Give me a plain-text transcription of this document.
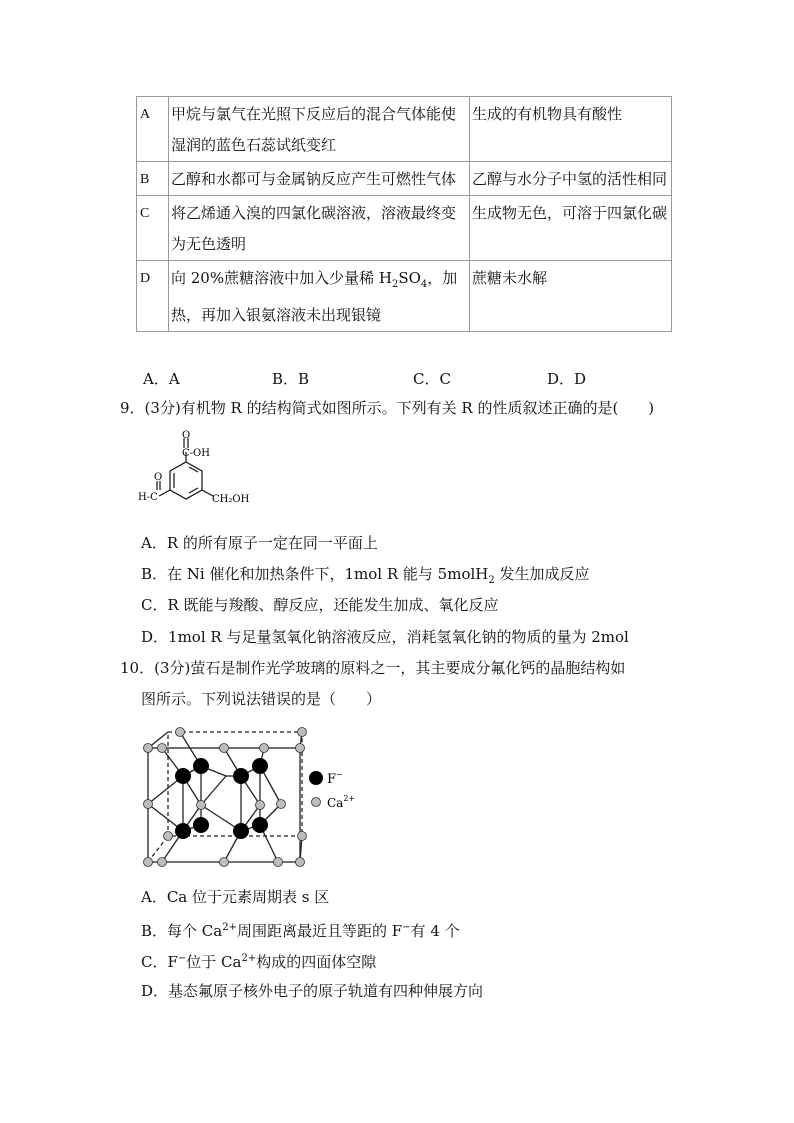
A	甲烷与氯气在光照下反应后的混合气体能使湿润的蓝色石蕊试纸变红	生成的有机物具有酸性
B	乙醇和水都可与金属钠反应产生可燃性气体	乙醇与水分子中氢的活性相同
C	将乙烯通入溴的四氯化碳溶液，溶液最终变为无色透明	生成物无色，可溶于四氯化碳
D	向 20%蔗糖溶液中加入少量稀 $H_2SO_4$，加热，再加入银氨溶液未出现银镜	蔗糖未水解
A．A	B．B	C．C	D．D
9．(3分)有机物 R 的结构简式如图所示。下列有关 R 的性质叙述正确的是(　　)
O
C-OH
O
H-C	CH₂OH
A．R 的所有原子一定在同一平面上
B．在 Ni 催化和加热条件下，1mol R 能与 5molH$_2$ 发生加成反应
C．R 既能与羧酸、醇反应，还能发生加成、氧化反应
D．1mol R 与足量氢氧化钠溶液反应，消耗氢氧化钠的物质的量为 2mol
10．(3分)萤石是制作光学玻璃的原料之一，其主要成分氟化钙的晶胞结构如
图所示。下列说法错误的是（　　）
F−
$Ca^{2+}$
A．Ca 位于元素周期表 s 区
B．每个 $Ca^{2+}$周围距离最近且等距的 F−有 4 个
C．F−位于 $Ca^{2+}$构成的四面体空隙
D．基态氟原子核外电子的原子轨道有四种伸展方向
